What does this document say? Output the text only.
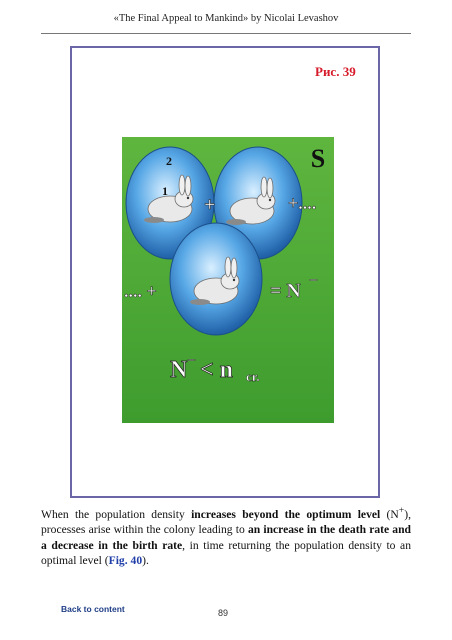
«The Final Appeal to Mankind» by Nicolai Levashov
Рис. 39
S
2
1
+	+....
.... +	= N
–
N – < n cr.
When the population density increases beyond the optimum level (N+), processes arise within the colony leading to an increase in the death rate and a decrease in the birth rate, in time returning the population density to an optimal level (Fig. 40).
Back to content	89
